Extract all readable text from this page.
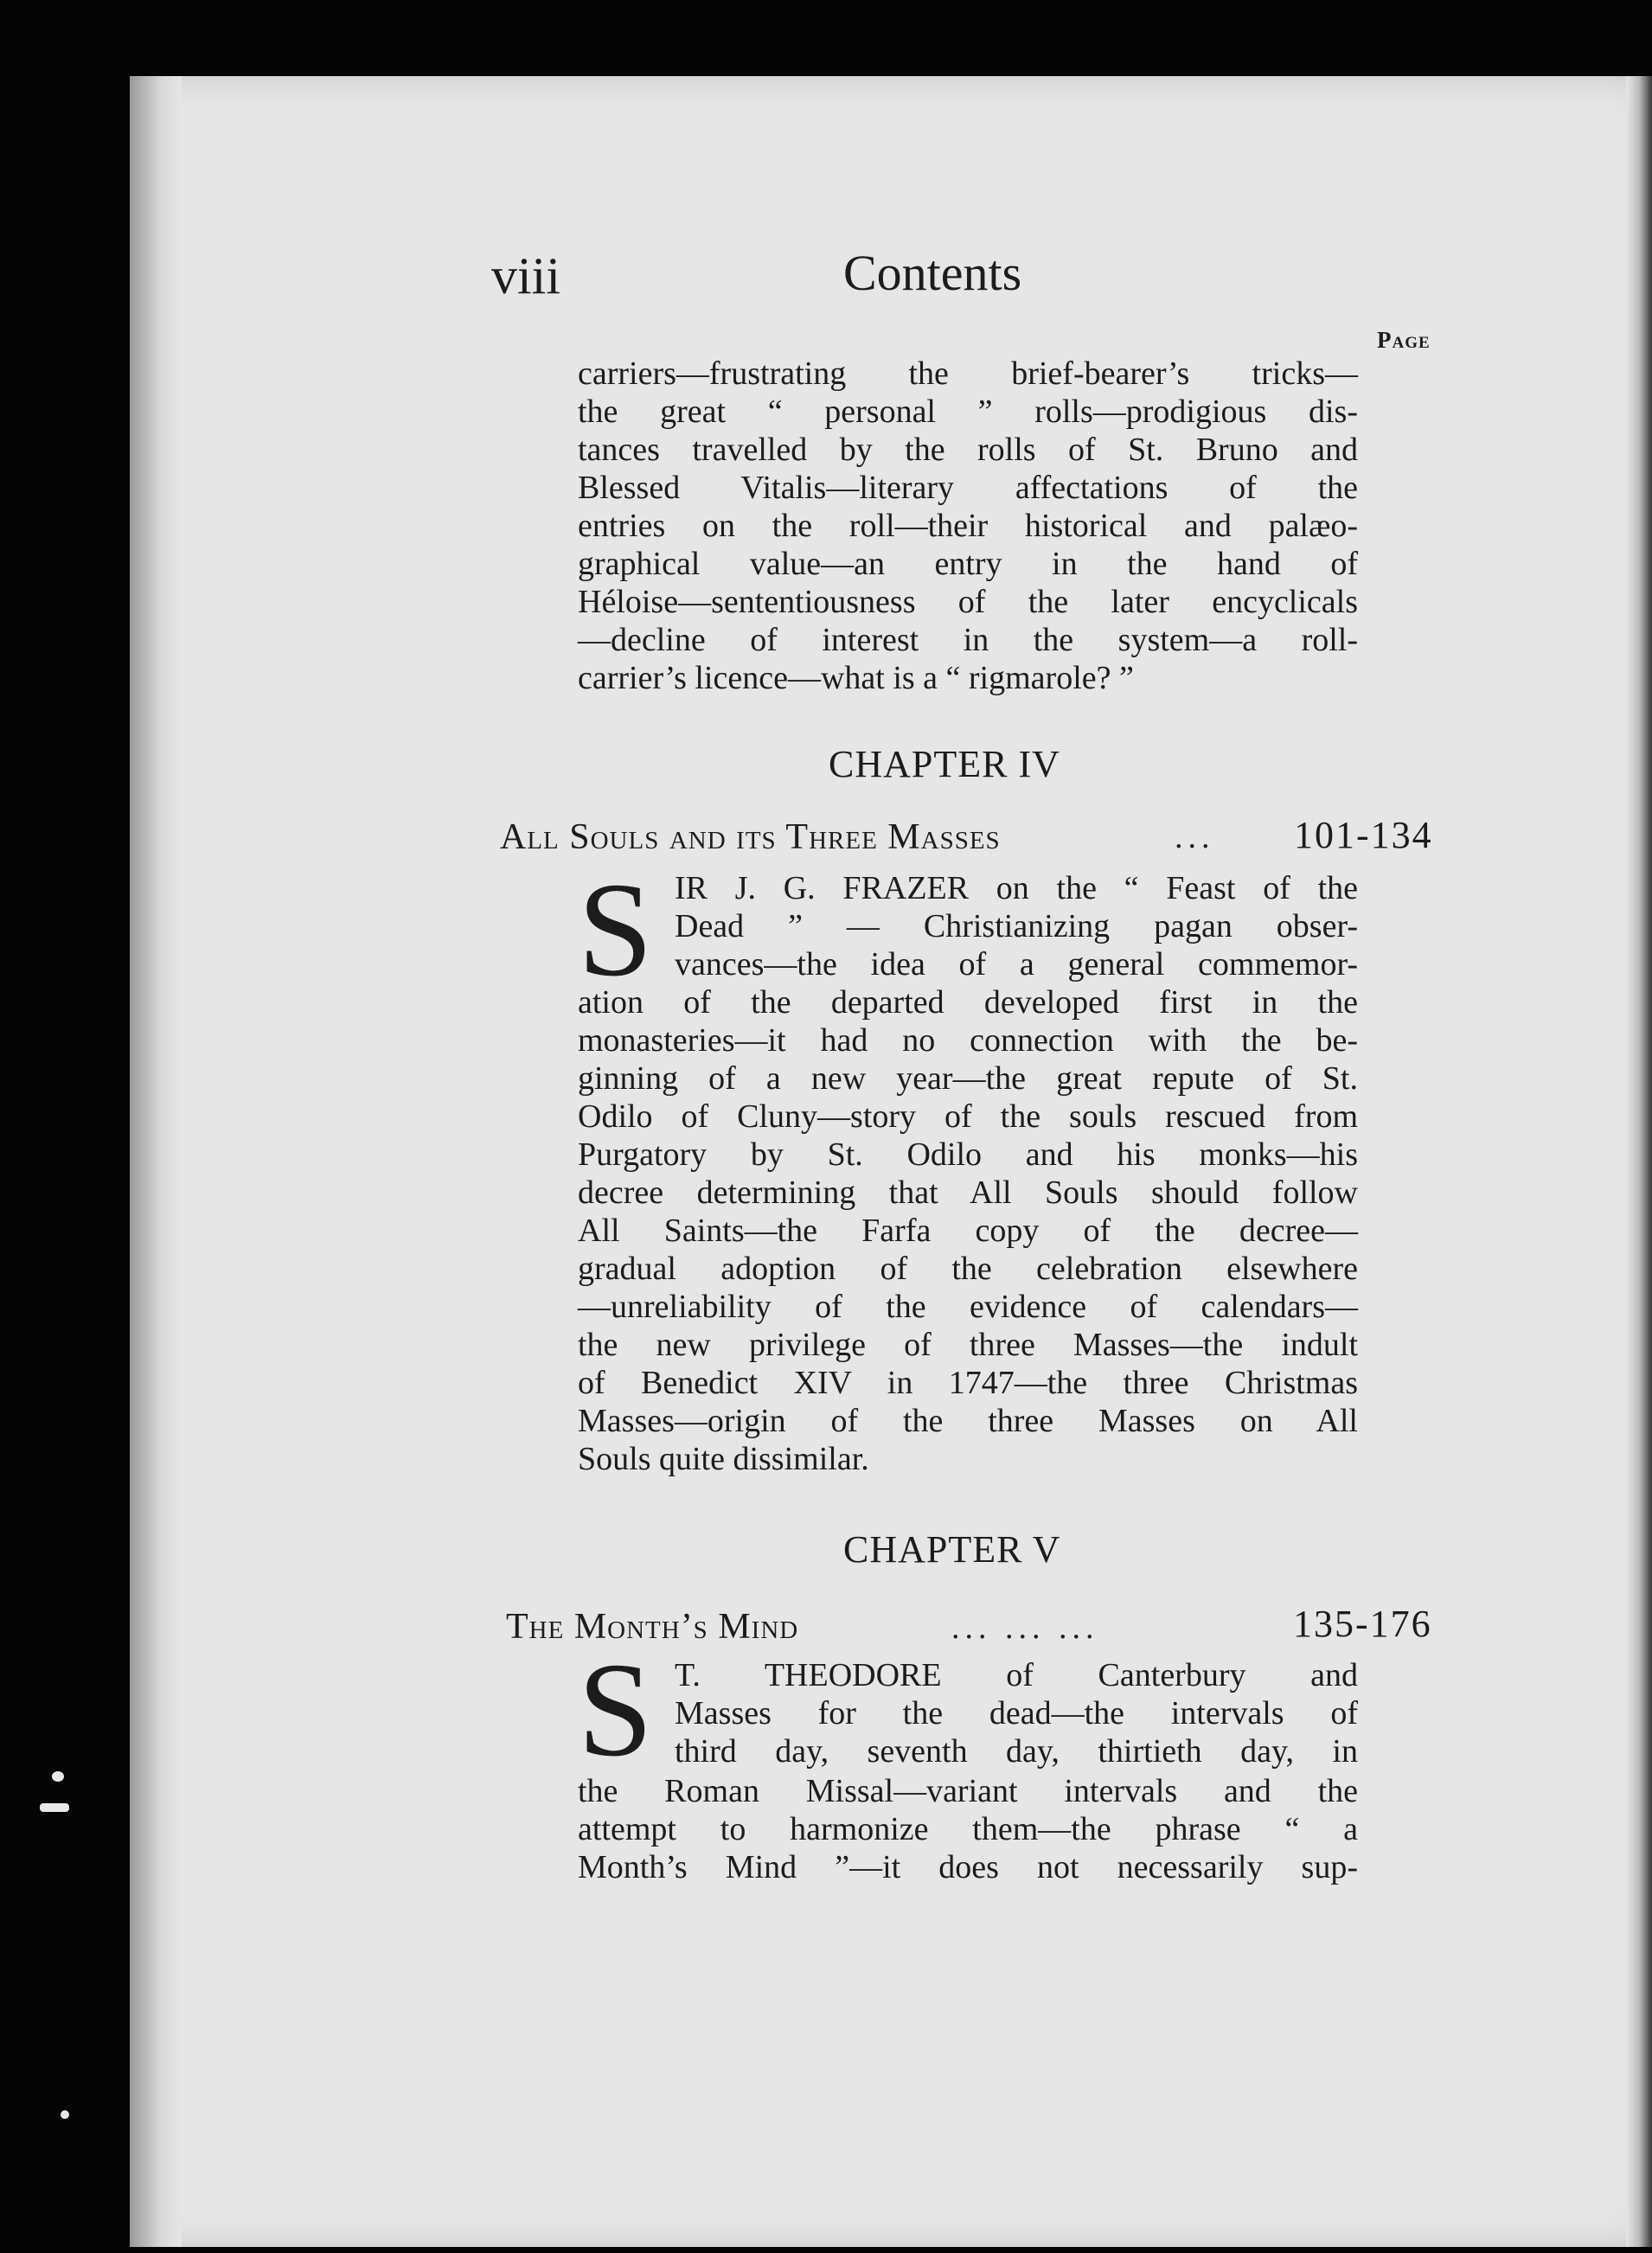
viii	Contents
Page
carriers—frustrating the brief-bearer’s tricks—
the great “ personal ” rolls—prodigious dis-
tances travelled by the rolls of St. Bruno and
Blessed Vitalis—literary affectations of the
entries on the roll—their historical and palæo-
graphical value—an entry in the hand of
Héloise—sententiousness of the later encyclicals
—decline of interest in the system—a roll-
carrier’s licence—what is a “ rigmarole? ”
CHAPTER IV
All Souls and its Three Masses	... 101-134
S IR J. G. FRAZER on the “ Feast of the
Dead ” — Christianizing pagan obser-
vances—the idea of a general commemor-
ation of the departed developed first in the
monasteries—it had no connection with the be-
ginning of a new year—the great repute of St.
Odilo of Cluny—story of the souls rescued from
Purgatory by St. Odilo and his monks—his
decree determining that All Souls should follow
All Saints—the Farfa copy of the decree—
gradual adoption of the celebration elsewhere
—unreliability of the evidence of calendars—
the new privilege of three Masses—the indult
of Benedict XIV in 1747—the three Christmas
Masses—origin of the three Masses on All
Souls quite dissimilar.
CHAPTER V
The Month’s Mind	... ... ...	135-176
S T. THEODORE of Canterbury and
Masses for the dead—the intervals of
third day, seventh day, thirtieth day, in
the Roman Missal—variant intervals and the
attempt to harmonize them—the phrase “ a
Month’s Mind ”—it does not necessarily sup-
